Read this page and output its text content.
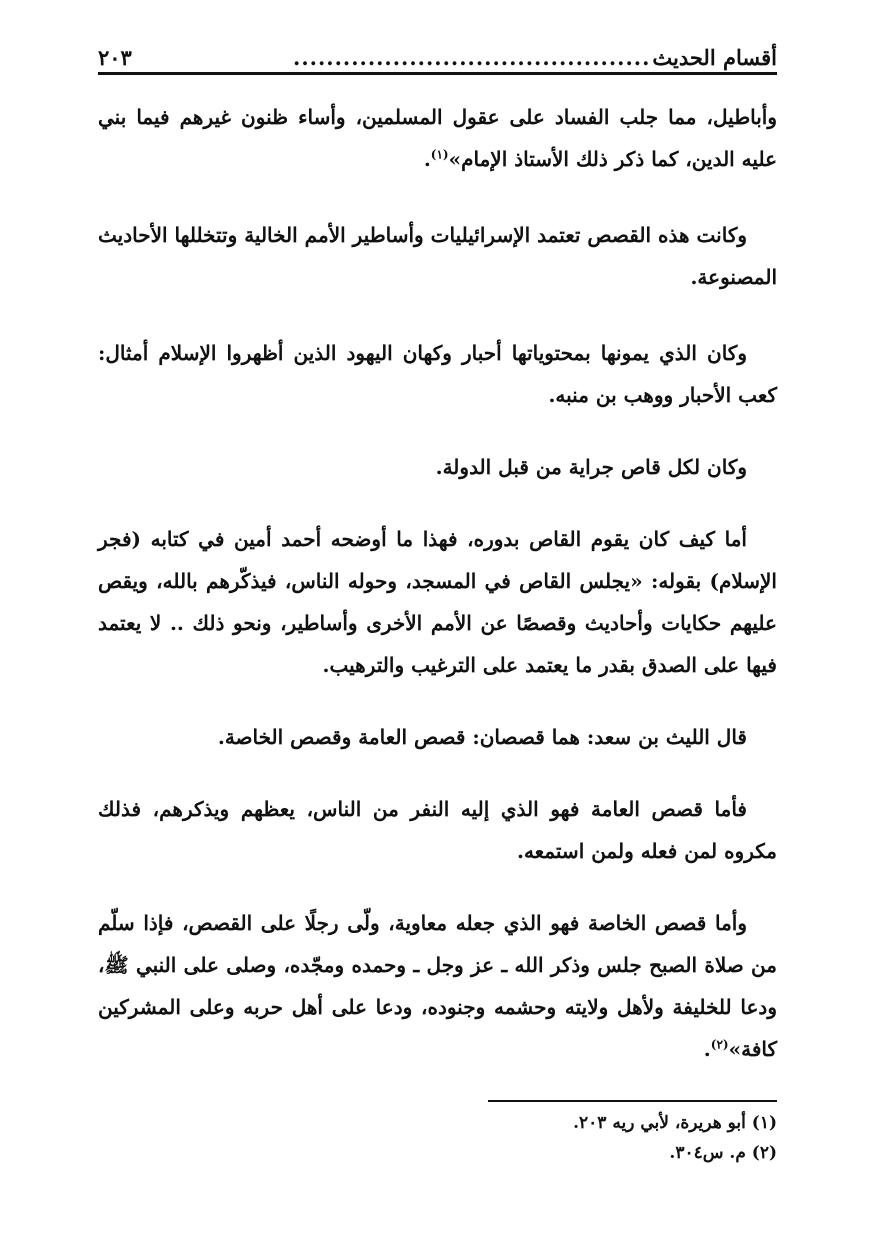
أقسام الحديث
...........................................
٢٠٣

وأباطيل، مما جلب الفساد على عقول المسلمين، وأساء ظنون غيرهم فيما بني عليه الدين، كما ذكر ذلك الأستاذ الإمام»$^{(١)}$.

وكانت هذه القصص تعتمد الإسرائيليات وأساطير الأمم الخالية وتتخللها الأحاديث المصنوعة.

وكان الذي يمونها بمحتوياتها أحبار وكهان اليهود الذين أظهروا الإسلام أمثال: كعب الأحبار ووهب بن منبه.

وكان لكل قاص جراية من قبل الدولة.

أما كيف كان يقوم القاص بدوره، فهذا ما أوضحه أحمد أمين في كتابه (فجر الإسلام) بقوله: «يجلس القاص في المسجد، وحوله الناس، فيذكّرهم بالله، ويقص عليهم حكايات وأحاديث وقصصًا عن الأمم الأخرى وأساطير، ونحو ذلك .. لا يعتمد فيها على الصدق بقدر ما يعتمد على الترغيب والترهيب.

قال الليث بن سعد: هما قصصان: قصص العامة وقصص الخاصة.

فأما قصص العامة فهو الذي إليه النفر من الناس، يعظهم ويذكرهم، فذلك مكروه لمن فعله ولمن استمعه.

وأما قصص الخاصة فهو الذي جعله معاوية، ولّى رجلًا على القصص، فإذا سلّم من صلاة الصبح جلس وذكر الله ـ عز وجل ـ وحمده ومجّده، وصلى على النبي ﷺ، ودعا للخليفة ولأهل ولايته وحشمه وجنوده، ودعا على أهل حربه وعلى المشركين كافة»$^{(٢)}$.

(١) أبو هريرة، لأبي ريه ٢٠٣.

(٢) م. س٣٠٤.
